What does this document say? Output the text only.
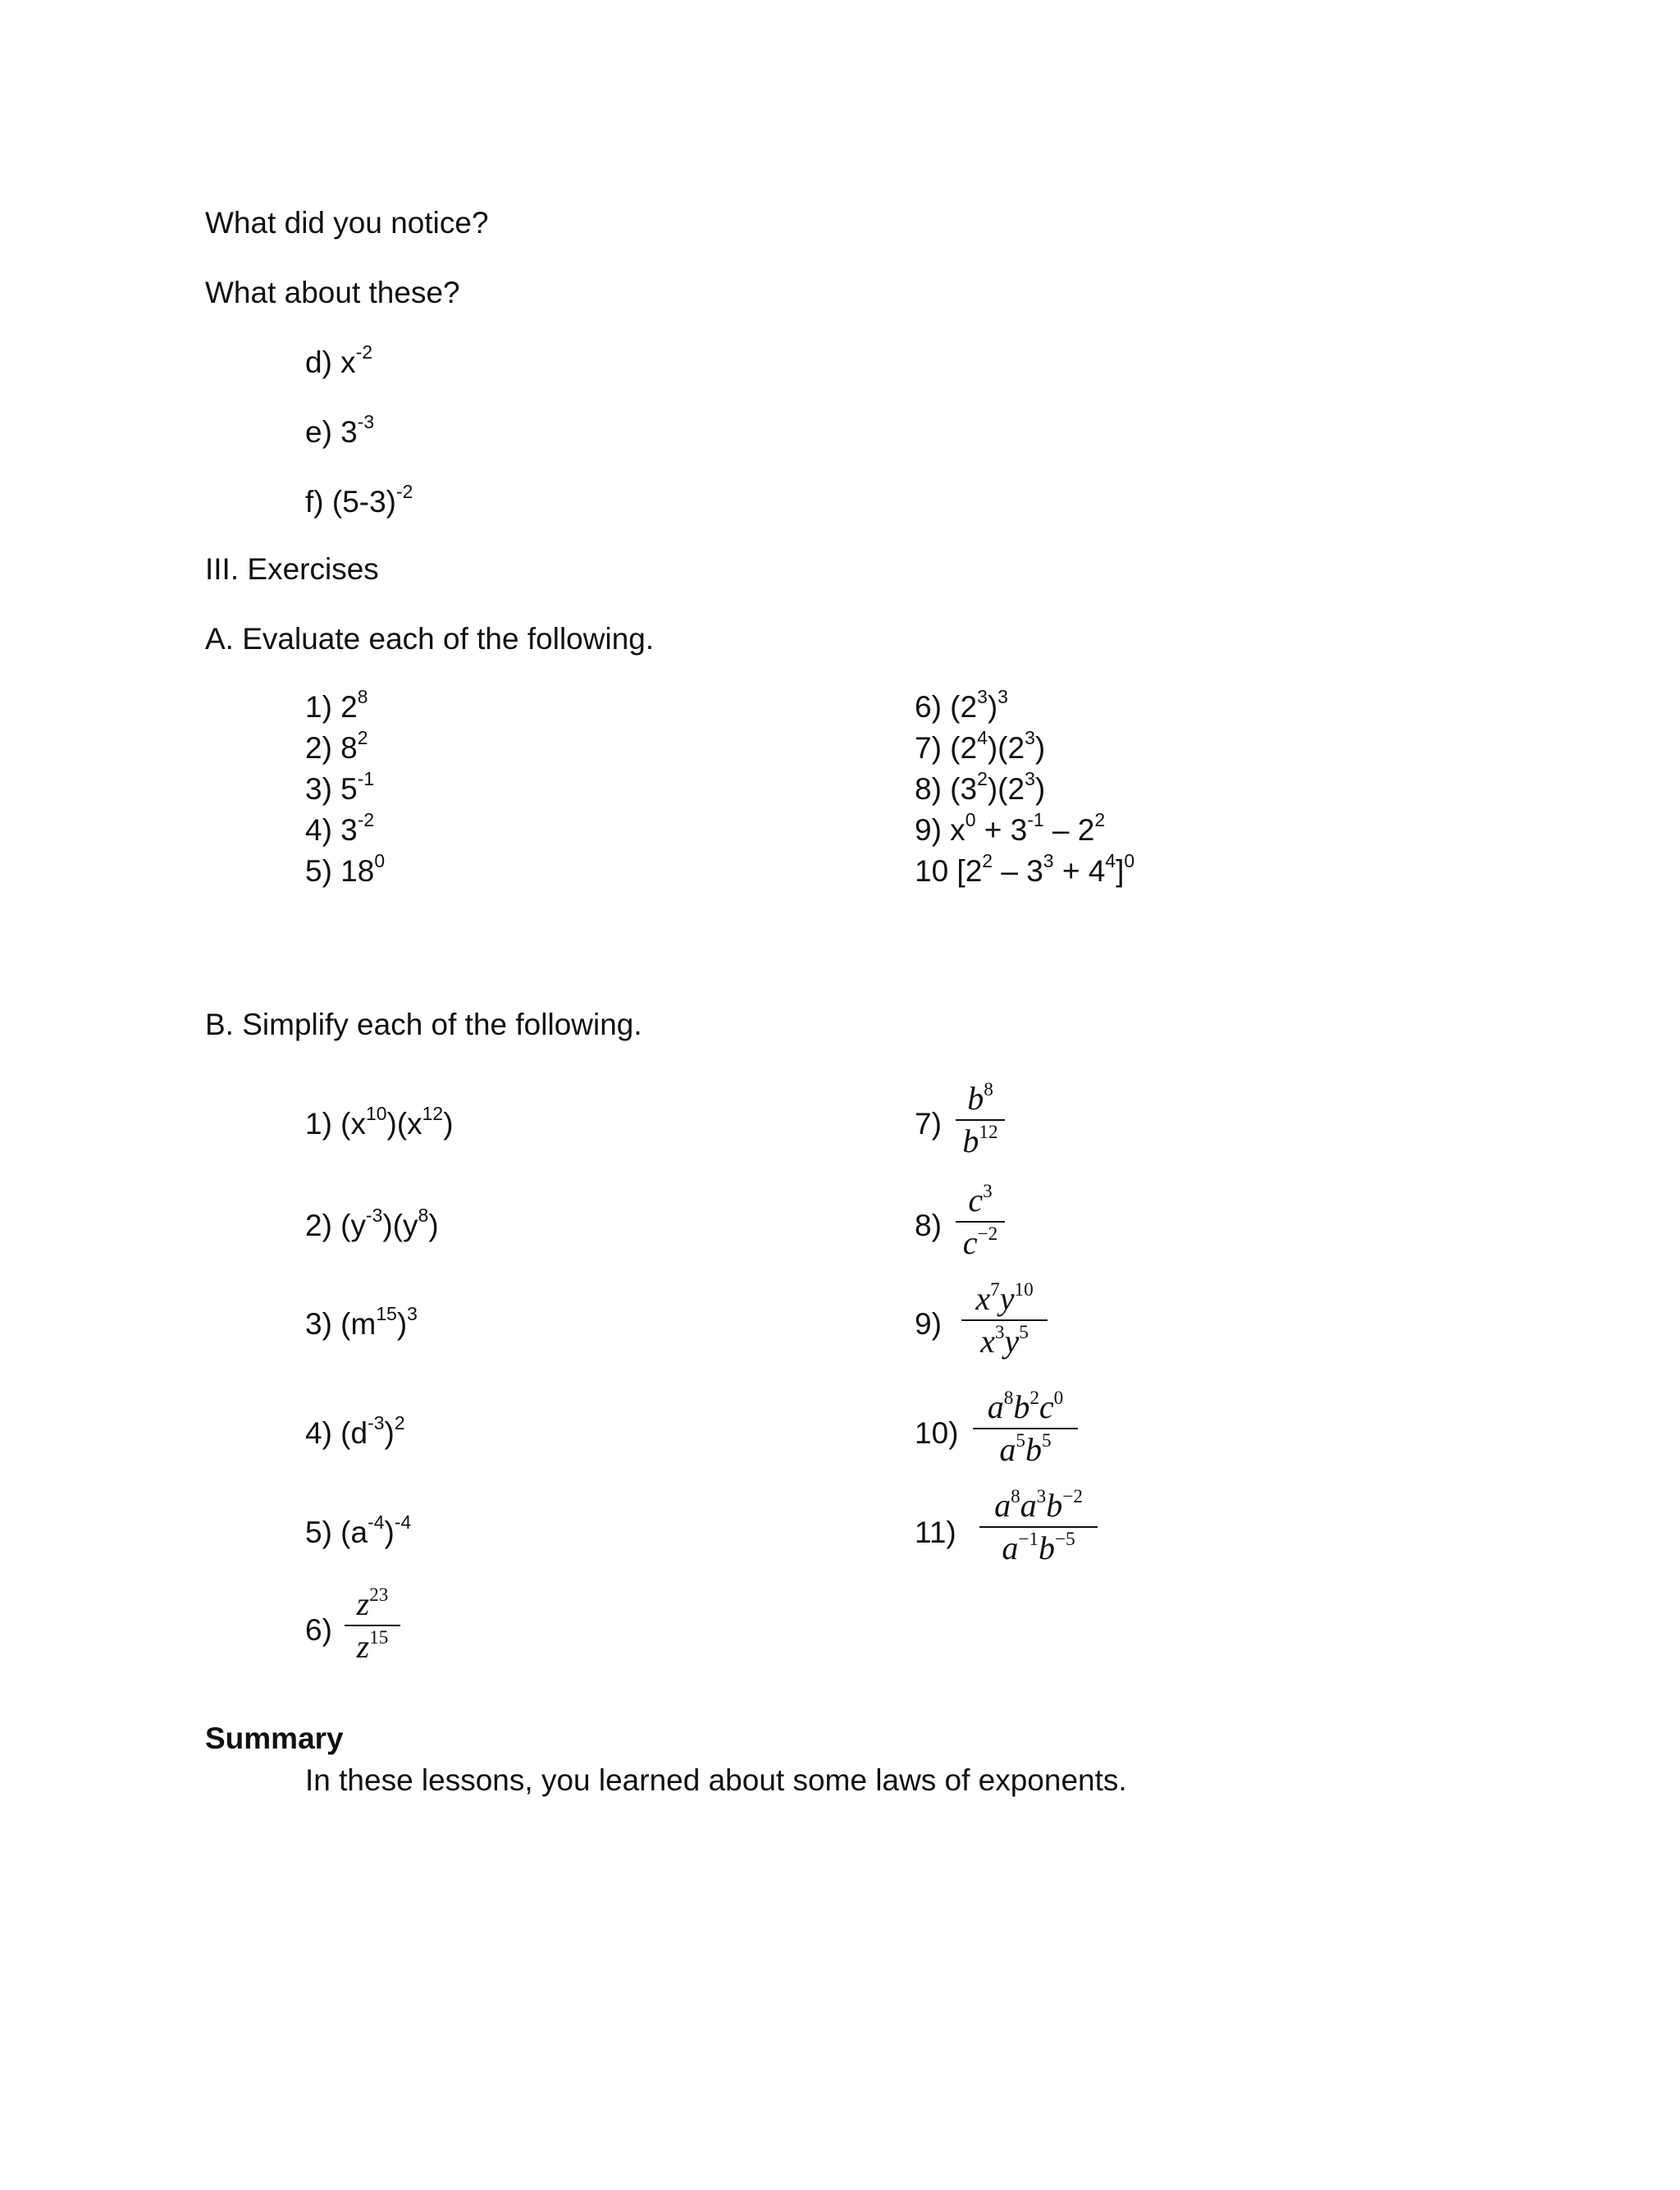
What did you notice?
What about these?
d) $x^{-2}$
e) $3^{-3}$
f) $(5-3)^{-2}$
III. Exercises
A. Evaluate each of the following.
1) $2^8$
2) $8^2$
3) $5^{-1}$
4) $3^{-2}$
5) $18^0$
6) $(2^3)^3$
7) $(2^4)(2^3)$
8) $(3^2)(2^3)$
9) $x^0 + 3^{-1} - 2^2$
10 $[2^2 - 3^3 + 4^4]^0$
B. Simplify each of the following.
1) $(x^{10})(x^{12})$
2) $(y^{-3})(y^8)$
3) $(m^{15})^3$
4) $(d^{-3})^2$
5) $(a^{-4})^{-4}$
6)
$z^{23}$
$z^{15}$
7)
$b^8$
$b^{12}$
8)
$c^3$
$c^{-2}$
9)
$x^7y^{10}$
$x^3y^5$
10)
$a^8b^2c^0$
$a^5b^5$
11)
$a^8a^3b^{-2}$
$a^{-1}b^{-5}$
Summary
In these lessons, you learned about some laws of exponents.
